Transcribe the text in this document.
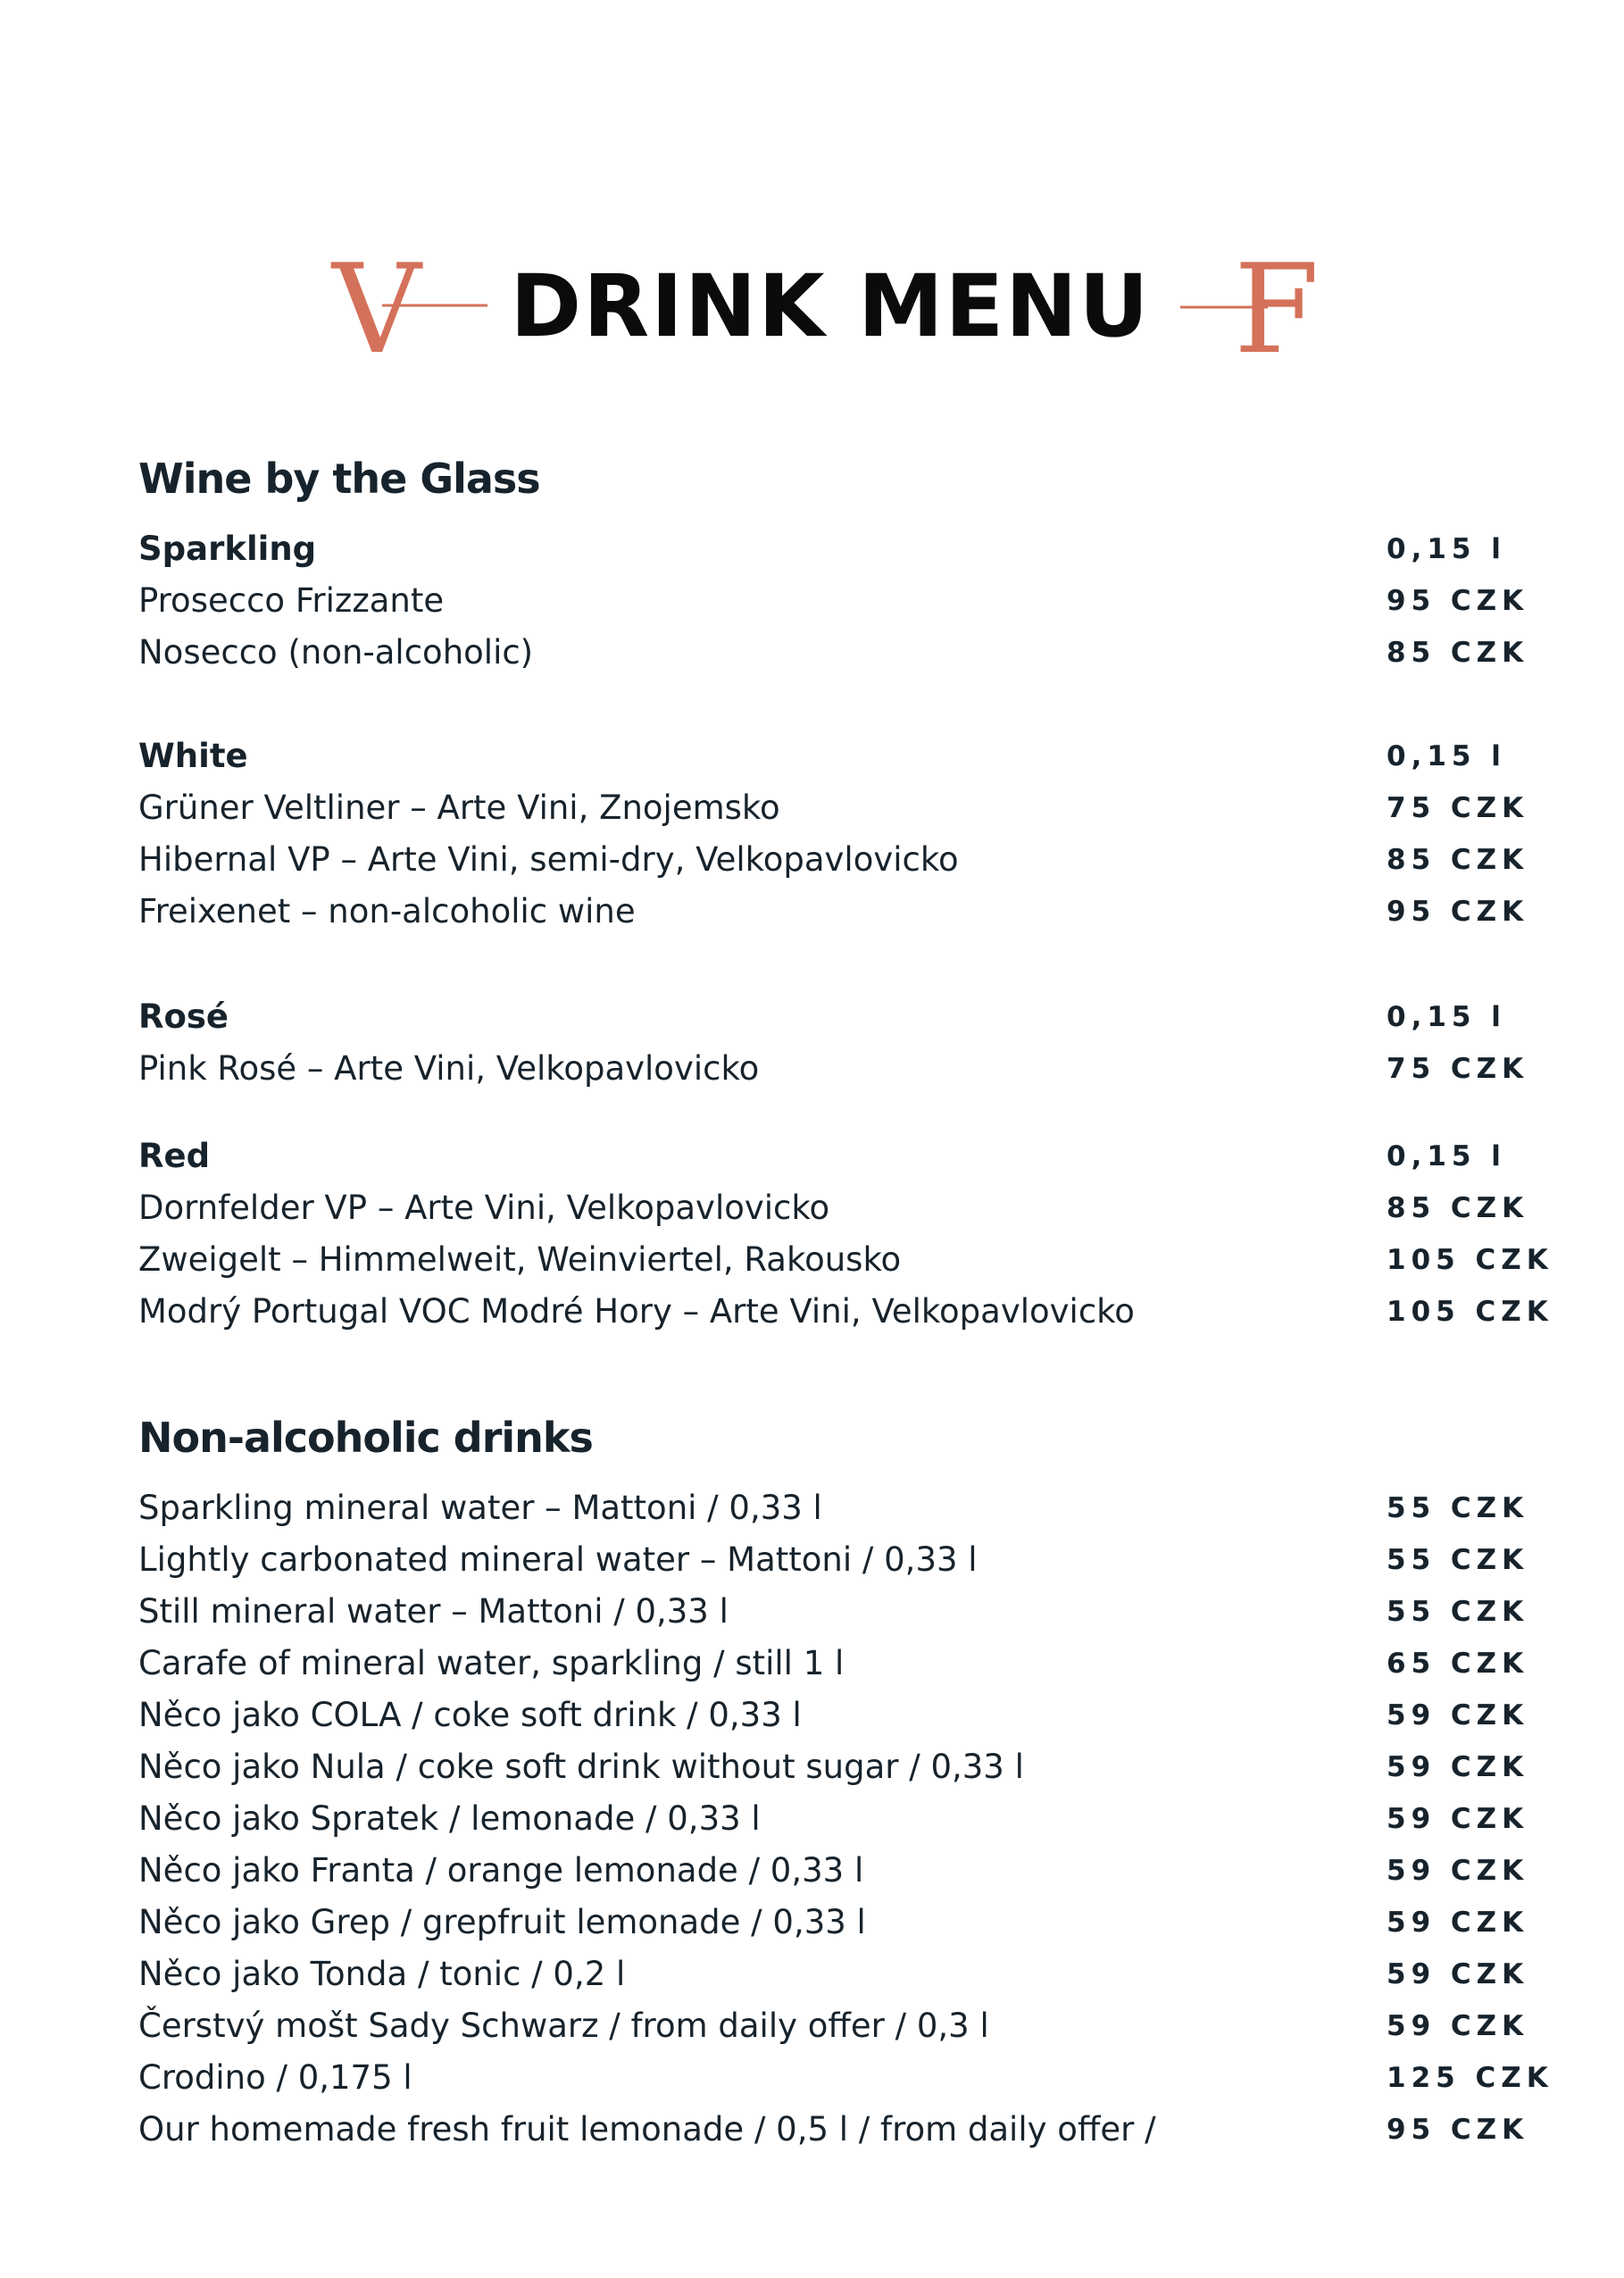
V DRINK MENU F
Wine by the Glass
Sparkling	0,15 l
Prosecco Frizzante	95 CZK
Nosecco (non-alcoholic)	85 CZK
White	0,15 l
Grüner Veltliner – Arte Vini, Znojemsko	75 CZK
Hibernal VP – Arte Vini, semi-dry, Velkopavlovicko	85 CZK
Freixenet – non-alcoholic wine	95 CZK
Rosé	0,15 l
Pink Rosé – Arte Vini, Velkopavlovicko	75 CZK
Red	0,15 l
Dornfelder VP – Arte Vini, Velkopavlovicko	85 CZK
Zweigelt – Himmelweit, Weinviertel, Rakousko	105 CZK
Modrý Portugal VOC Modré Hory – Arte Vini, Velkopavlovicko	105 CZK
Non-alcoholic drinks
Sparkling mineral water – Mattoni / 0,33 l	55 CZK
Lightly carbonated mineral water – Mattoni / 0,33 l	55 CZK
Still mineral water – Mattoni / 0,33 l	55 CZK
Carafe of mineral water, sparkling / still 1 l	65 CZK
Něco jako COLA / coke soft drink / 0,33 l	59 CZK
Něco jako Nula / coke soft drink without sugar / 0,33 l	59 CZK
Něco jako Spratek / lemonade / 0,33 l	59 CZK
Něco jako Franta / orange lemonade / 0,33 l	59 CZK
Něco jako Grep / grepfruit lemonade / 0,33 l	59 CZK
Něco jako Tonda / tonic / 0,2 l	59 CZK
Čerstvý mošt Sady Schwarz / from daily offer / 0,3 l	59 CZK
Crodino / 0,175 l	125 CZK
Our homemade fresh fruit lemonade / 0,5 l / from daily offer /	95 CZK
